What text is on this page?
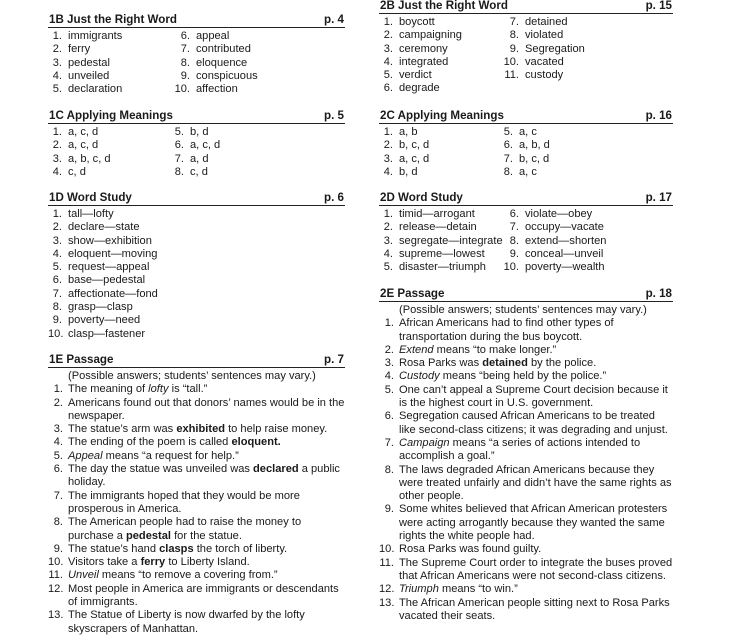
1B Just the Right Word	p. 4
1. immigrants
2. ferry
3. pedestal
4. unveiled
5. declaration
6. appeal
7. contributed
8. eloquence
9. conspicuous
10. affection
1C Applying Meanings	p. 5
1. a, c, d
2. a, c, d
3. a, b, c, d
4. c, d
5. b, d
6. a, c, d
7. a, d
8. c, d
1D Word Study	p. 6
1. tall—lofty
2. declare—state
3. show—exhibition
4. eloquent—moving
5. request—appeal
6. base—pedestal
7. affectionate—fond
8. grasp—clasp
9. poverty—need
10. clasp—fastener
1E Passage	p. 7
(Possible answers; students’ sentences may vary.)
1. The meaning of lofty is “tall.”
2. Americans found out that donors’ names would be in the newspaper.
3. The statue’s arm was exhibited to help raise money.
4. The ending of the poem is called eloquent.
5. Appeal means “a request for help.”
6. The day the statue was unveiled was declared a public holiday.
7. The immigrants hoped that they would be more prosperous in America.
8. The American people had to raise the money to purchase a pedestal for the statue.
9. The statue’s hand clasps the torch of liberty.
10. Visitors take a ferry to Liberty Island.
11. Unveil means “to remove a covering from.”
12. Most people in America are immigrants or descendants of immigrants.
13. The Statue of Liberty is now dwarfed by the lofty skyscrapers of Manhattan.
2B Just the Right Word	p. 15
1. boycott
2. campaigning
3. ceremony
4. integrated
5. verdict
6. degrade
7. detained
8. violated
9. Segregation
10. vacated
11. custody
2C Applying Meanings	p. 16
1. a, b
2. b, c, d
3. a, c, d
4. b, d
5. a, c
6. a, b, d
7. b, c, d
8. a, c
2D Word Study	p. 17
1. timid—arrogant
2. release—detain
3. segregate—integrate
4. supreme—lowest
5. disaster—triumph
6. violate—obey
7. occupy—vacate
8. extend—shorten
9. conceal—unveil
10. poverty—wealth
2E Passage	p. 18
(Possible answers; students’ sentences may vary.)
1. African Americans had to find other types of transportation during the bus boycott.
2. Extend means “to make longer.”
3. Rosa Parks was detained by the police.
4. Custody means “being held by the police.”
5. One can’t appeal a Supreme Court decision because it is the highest court in U.S. government.
6. Segregation caused African Americans to be treated like second-class citizens; it was degrading and unjust.
7. Campaign means “a series of actions intended to accomplish a goal.”
8. The laws degraded African Americans because they were treated unfairly and didn’t have the same rights as other people.
9. Some whites believed that African American protesters were acting arrogantly because they wanted the same rights the white people had.
10. Rosa Parks was found guilty.
11. The Supreme Court order to integrate the buses proved that African Americans were not second-class citizens.
12. Triumph means “to win.”
13. The African American people sitting next to Rosa Parks vacated their seats.
